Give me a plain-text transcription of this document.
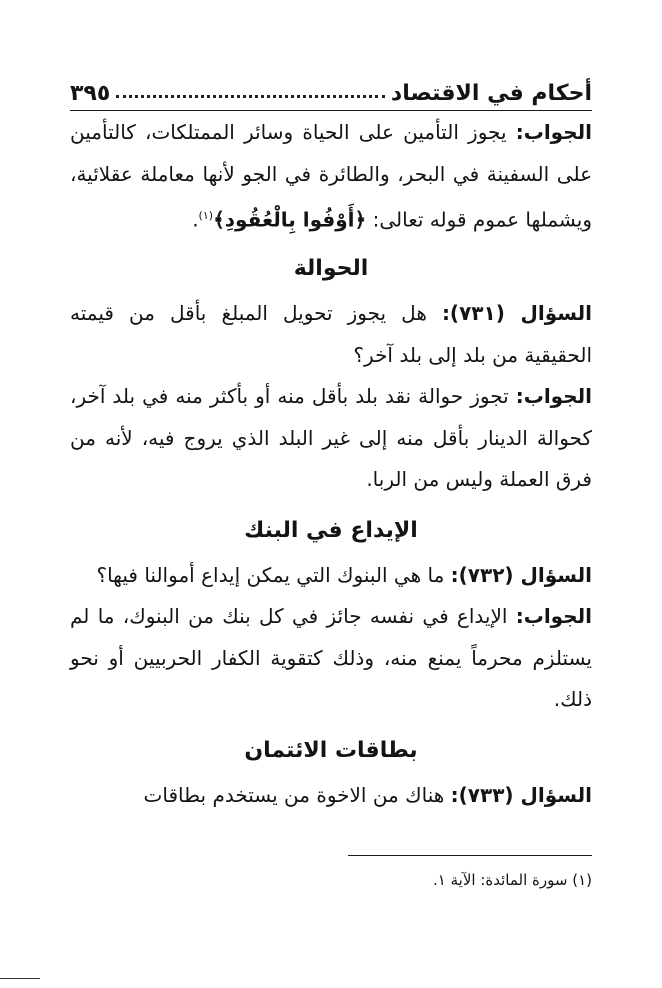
أحكام في الاقتصاد
٣٩٥

الجواب: يجوز التأمين على الحياة وسائر الممتلكات، كالتأمين على السفينة في البحر، والطائرة في الجو لأنها معاملة عقلائية، ويشملها عموم قوله تعالى: ﴿أَوْفُوا بِالْعُقُودِ﴾$^{(١)}$.

الحوالة

السؤال (٧٣١): هل يجوز تحويل المبلغ بأقل من قيمته الحقيقية من بلد إلى بلد آخر؟

الجواب: تجوز حوالة نقد بلد بأقل منه أو بأكثر منه في بلد آخر، كحوالة الدينار بأقل منه إلى غير البلد الذي يروج فيه، لأنه من فرق العملة وليس من الربا.

الإيداع في البنك

السؤال (٧٣٢): ما هي البنوك التي يمكن إيداع أموالنا فيها؟

الجواب: الإيداع في نفسه جائز في كل بنك من البنوك، ما لم يستلزم محرماً يمنع منه، وذلك كتقوية الكفار الحربيين أو نحو ذلك.

بطاقات الائتمان

السؤال (٧٣٣): هناك من الاخوة من يستخدم بطاقات

(١) سورة المائدة: الآية ١.
